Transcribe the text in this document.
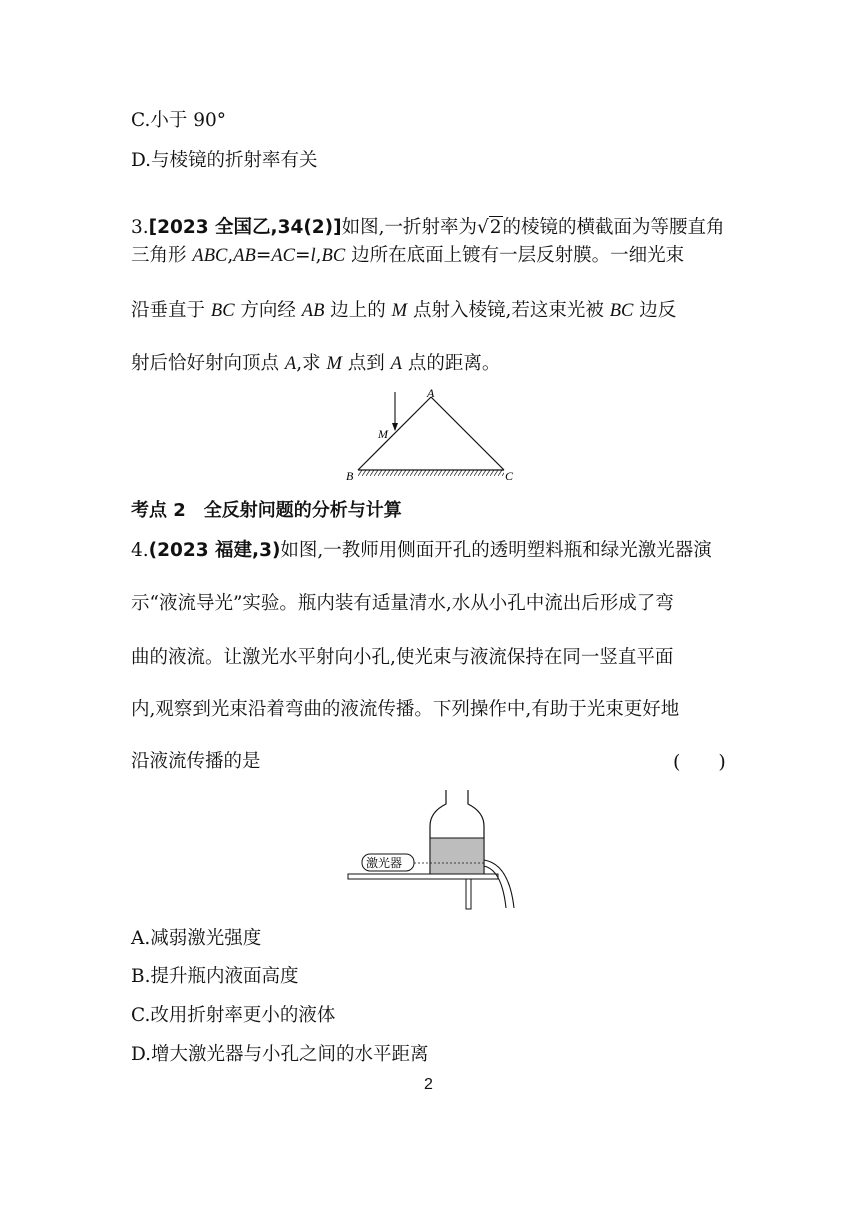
C.小于 90°
D.与棱镜的折射率有关
3.[2023 全国乙,34(2)]如图,一折射率为√2的棱镜的横截面为等腰直角
三角形 ABC,AB=AC=l,BC 边所在底面上镀有一层反射膜。一细光束
沿垂直于 BC 方向经 AB 边上的 M 点射入棱镜,若这束光被 BC 边反
射后恰好射向顶点 A,求 M 点到 A 点的距离。
A
M
B	C
考点 2　全反射问题的分析与计算
4.(2023 福建,3)如图,一教师用侧面开孔的透明塑料瓶和绿光激光器演
示“液流导光”实验。瓶内装有适量清水,水从小孔中流出后形成了弯
曲的液流。让激光水平射向小孔,使光束与液流保持在同一竖直平面
内,观察到光束沿着弯曲的液流传播。下列操作中,有助于光束更好地
沿液流传播的是	(　　)
激光器
A.减弱激光强度
B.提升瓶内液面高度
C.改用折射率更小的液体
D.增大激光器与小孔之间的水平距离
2
